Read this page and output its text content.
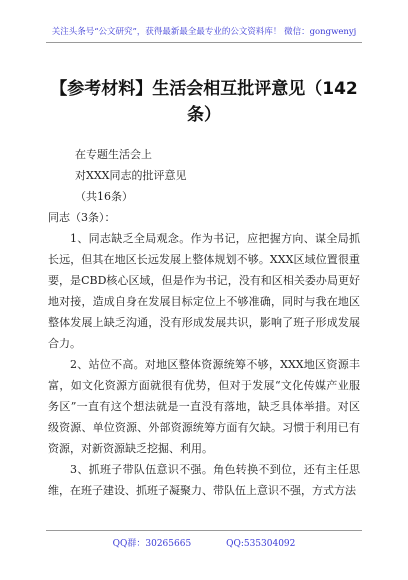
关注头条号“公文研究”，获得最新最全最专业的公文资料库！ 微信：gongwenyj
【参考材料】生活会相互批评意见（142条）

在专题生活会上

对XXX同志的批评意见

（共16条）

同志（3条）：

1、同志缺乏全局观念。作为书记，应把握方向、谋全局抓长远，但其在地区长远发展上整体规划不够。XXX区域位置很重要，是CBD核心区域，但是作为书记，没有和区相关委办局更好地对接，造成自身在发展目标定位上不够准确，同时与我在地区整体发展上缺乏沟通，没有形成发展共识，影响了班子形成发展合力。

2、站位不高。对地区整体资源统筹不够，XXX地区资源丰富，如文化资源方面就很有优势，但对于发展“文化传媒产业服务区”一直有这个想法就是一直没有落地，缺乏具体举措。对区级资源、单位资源、外部资源统筹方面有欠缺。习惯于利用已有资源，对新资源缺乏挖掘、利用。

3、抓班子带队伍意识不强。角色转换不到位，还有主任思维，在班子建设、抓班子凝聚力、带队伍上意识不强，方式方法

QQ群：30265665	QQ:535304092
